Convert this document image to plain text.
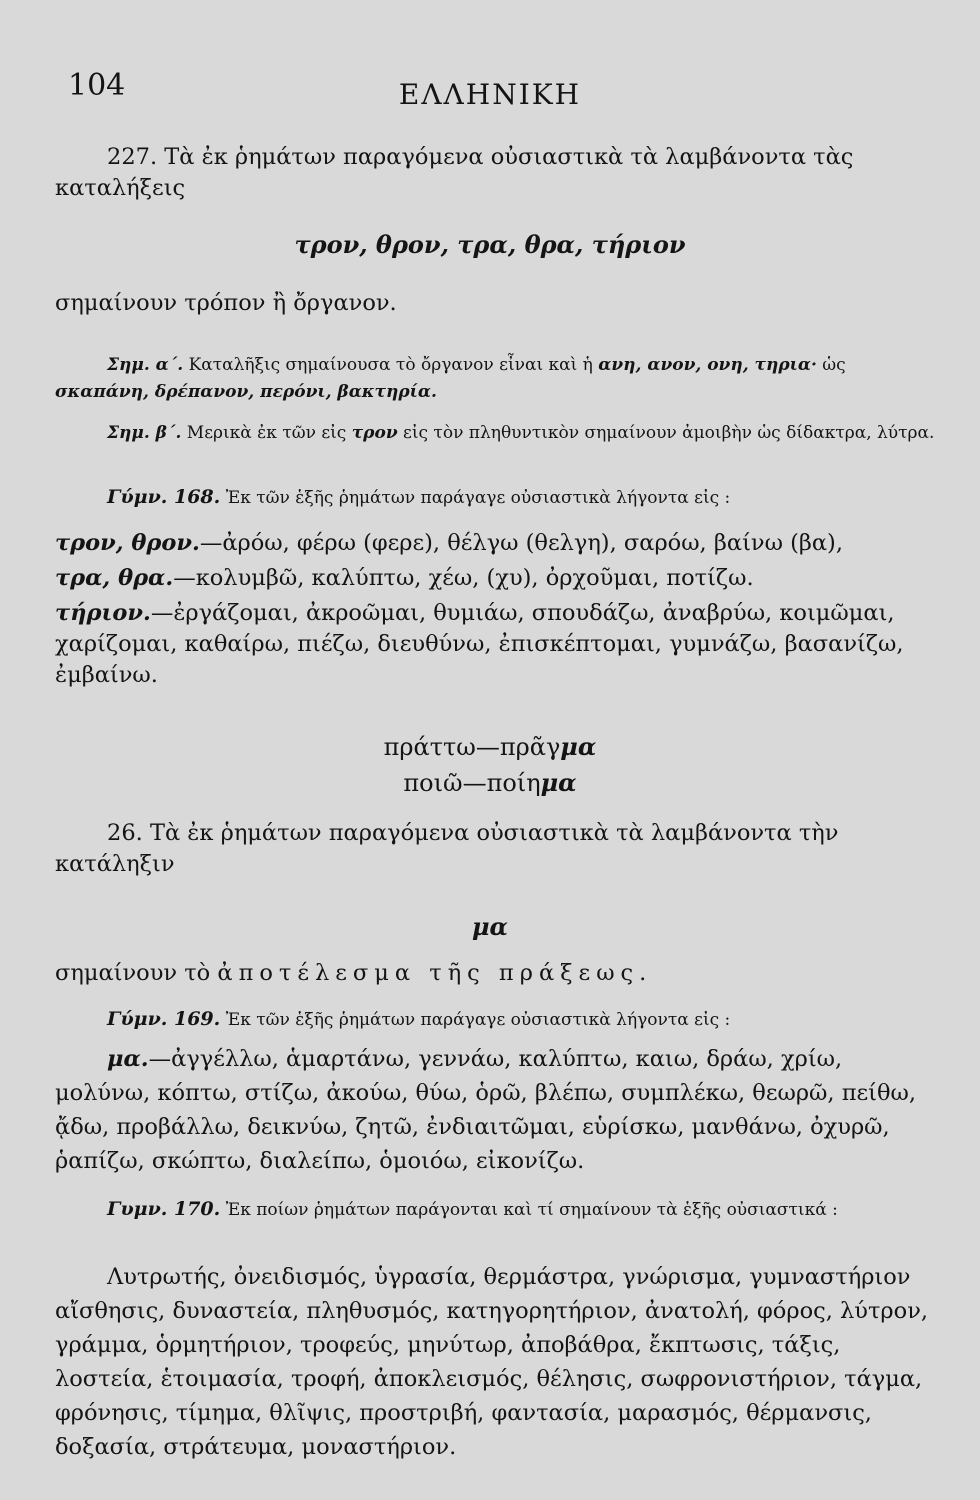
104	ΕΛΛΗΝΙΚΗ

227. Τὰ ἐκ ῥημάτων παραγόμενα οὐσιαστικὰ τὰ λαμβάνοντα τὰς καταλήξεις

τρον, θρον, τρα, θρα, τήριον

σημαίνουν τρόπον ἢ ὄργανον.

Σημ. α΄. Καταλῆξις σημαίνουσα τὸ ὄργανον εἶναι καὶ ἡ ανη, ανον, ονη, τηρια· ὡς σκαπάνη, δρέπανον, περόνι, βακτηρία.

Σημ. β΄. Μερικὰ ἐκ τῶν εἰς τρον εἰς τὸν πληθυντικὸν σημαίνουν ἀμοιβὴν ὡς δίδακτρα, λύτρα.

Γύμν. 168. Ἐκ τῶν ἑξῆς ῥημάτων παράγαγε οὐσιαστικὰ λήγοντα εἰς :

τρον, θρον.—ἀρόω, φέρω (φερε), θέλγω (θελγη), σαρόω, βαίνω (βα),

τρα, θρα.—κολυμβῶ, καλύπτω, χέω, (χυ), ὀρχοῦμαι, ποτίζω.

τήριον.—ἐργάζομαι, ἀκροῶμαι, θυμιάω, σπουδάζω, ἀναβρύω, κοιμῶμαι, χαρίζομαι, καθαίρω, πιέζω, διευθύνω, ἐπισκέπτομαι, γυμνάζω, βασανίζω, ἐμβαίνω.

πράττω—πρᾶγμα
ποιῶ—ποίημα

26. Τὰ ἐκ ῥημάτων παραγόμενα οὐσιαστικὰ τὰ λαμβάνοντα τὴν κατάληξιν

μα

σημαίνουν τὸ ἀποτέλεσμα τῆς πράξεως.

Γύμν. 169. Ἐκ τῶν ἑξῆς ῥημάτων παράγαγε οὐσιαστικὰ λήγοντα εἰς :

μα.—ἀγγέλλω, ἁμαρτάνω, γεννάω, καλύπτω, καιω, δράω, χρίω, μολύνω, κόπτω, στίζω, ἀκούω, θύω, ὁρῶ, βλέπω, συμπλέκω, θεωρῶ, πείθω, ᾄδω, προβάλλω, δεικνύω, ζητῶ, ἐνδιαιτῶμαι, εὑρίσκω, μανθάνω, ὀχυρῶ, ῥαπίζω, σκώπτω, διαλείπω, ὁμοιόω, εἰκονίζω.

Γυμν. 170. Ἐκ ποίων ῥημάτων παράγονται καὶ τί σημαίνουν τὰ ἑξῆς οὐσιαστικά :

Λυτρωτής, ὀνειδισμός, ὑγρασία, θερμάστρα, γνώρισμα, γυμναστήριον αἴσθησις, δυναστεία, πληθυσμός, κατηγορητήριον, ἀνατολή, φόρος, λύτρον, γράμμα, ὁρμητήριον, τροφεύς, μηνύτωρ, ἀποβάθρα, ἔκπτωσις, τάξις, λοστεία, ἑτοιμασία, τροφή, ἀποκλεισμός, θέλησις, σωφρονιστήριον, τάγμα, φρόνησις, τίμημα, θλῖψις, προστριβή, φαντασία, μαρασμός, θέρμανσις, δοξασία, στράτευμα, μοναστήριον.
